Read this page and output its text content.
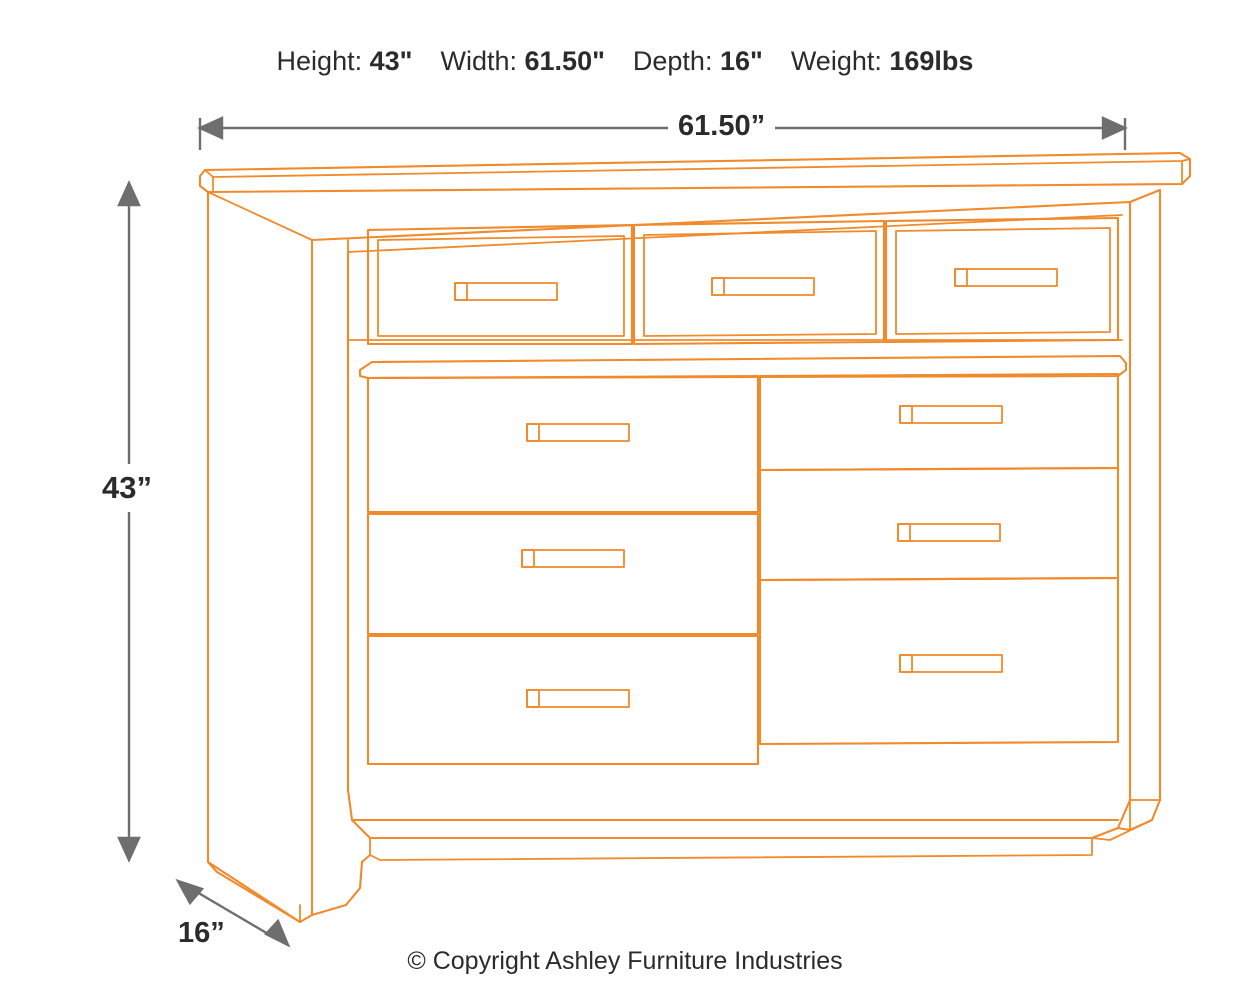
Height: 43" Width: 61.50" Depth: 16" Weight: 169lbs
61.50”
43”
16”
© Copyright Ashley Furniture Industries
